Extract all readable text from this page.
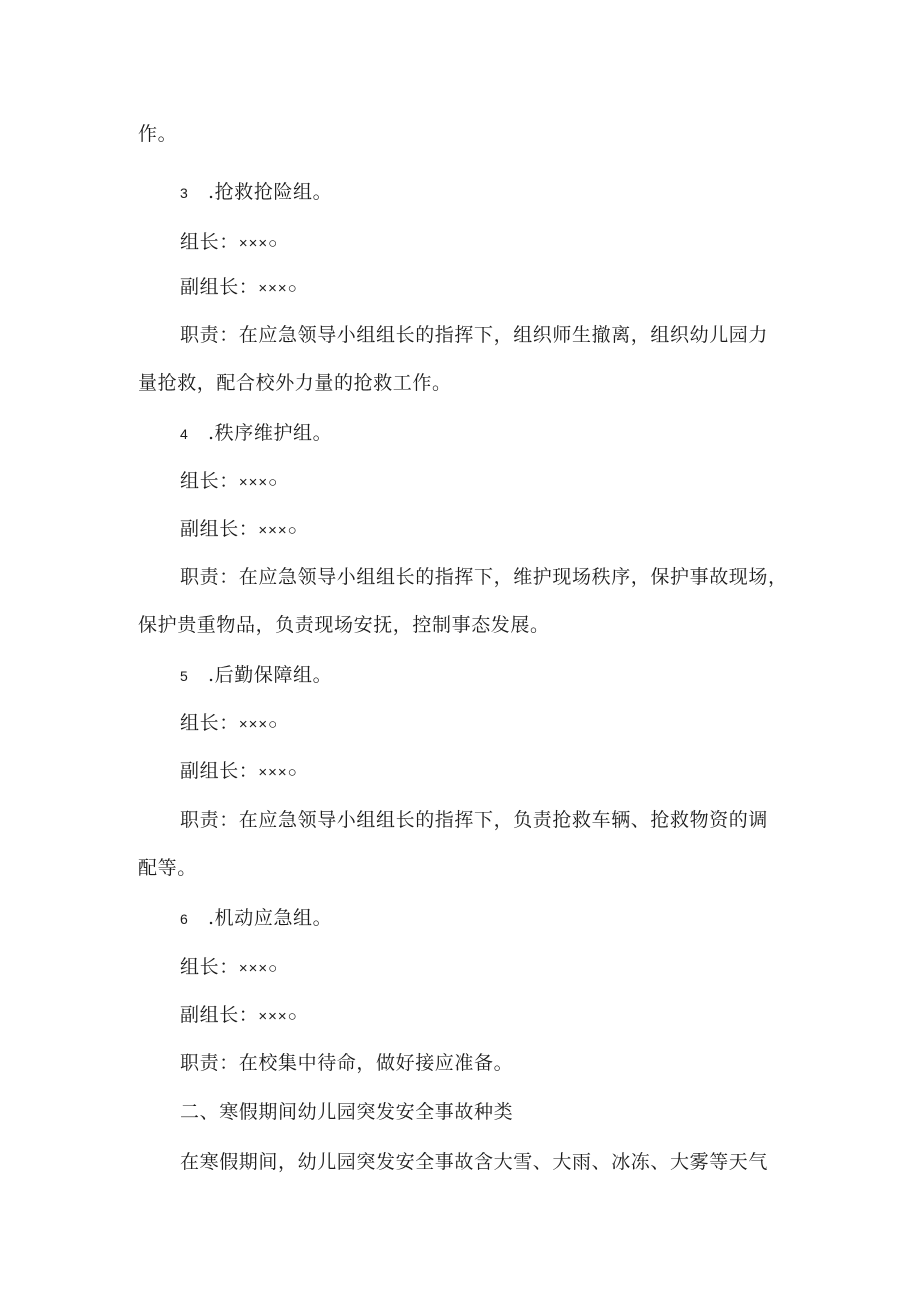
作。
3 .抢救抢险组。
组长：×××○
副组长：×××○
职责：在应急领导小组组长的指挥下，组织师生撤离，组织幼儿园力
量抢救，配合校外力量的抢救工作。
4 .秩序维护组。
组长：×××○
副组长：×××○
职责：在应急领导小组组长的指挥下，维护现场秩序，保护事故现场，
保护贵重物品，负责现场安抚，控制事态发展。
5 .后勤保障组。
组长：×××○
副组长：×××○
职责：在应急领导小组组长的指挥下，负责抢救车辆、抢救物资的调
配等。
6 .机动应急组。
组长：×××○
副组长：×××○
职责：在校集中待命，做好接应准备。
二、寒假期间幼儿园突发安全事故种类
在寒假期间，幼儿园突发安全事故含大雪、大雨、冰冻、大雾等天气
